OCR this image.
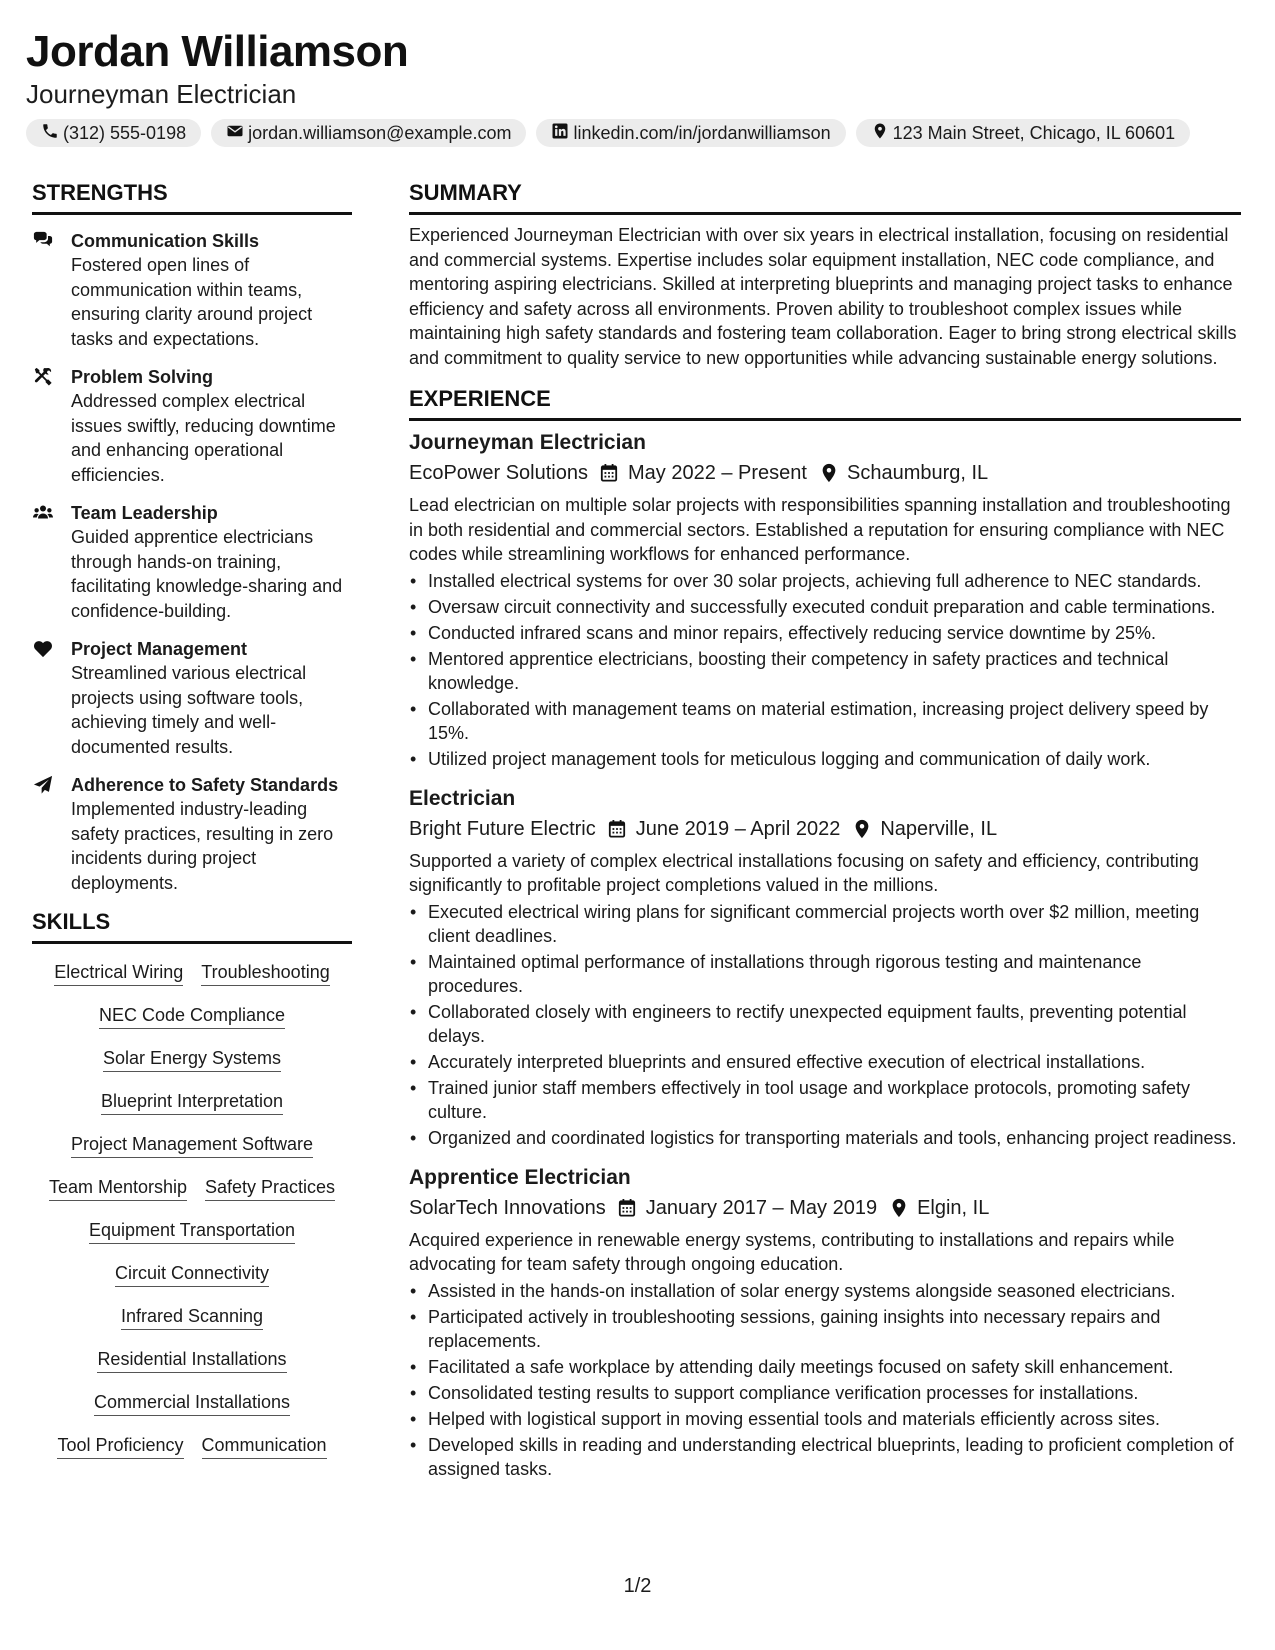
Jordan Williamson
Journeyman Electrician
(312) 555-0198	jordan.williamson@example.com	linkedin.com/in/jordanwilliamson	123 Main Street, Chicago, IL 60601
STRENGTHS
Communication Skills
Fostered open lines of communication within teams, ensuring clarity around project tasks and expectations.
Problem Solving
Addressed complex electrical issues swiftly, reducing downtime and enhancing operational efficiencies.
Team Leadership
Guided apprentice electricians through hands-on training, facilitating knowledge-sharing and confidence-building.
Project Management
Streamlined various electrical projects using software tools, achieving timely and well-documented results.
Adherence to Safety Standards
Implemented industry-leading safety practices, resulting in zero incidents during project deployments.
SKILLS
Electrical Wiring Troubleshooting
NEC Code Compliance
Solar Energy Systems
Blueprint Interpretation
Project Management Software
Team Mentorship Safety Practices
Equipment Transportation
Circuit Connectivity
Infrared Scanning
Residential Installations
Commercial Installations
Tool Proficiency Communication
SUMMARY
Experienced Journeyman Electrician with over six years in electrical installation, focusing on residential and commercial systems. Expertise includes solar equipment installation, NEC code compliance, and mentoring aspiring electricians. Skilled at interpreting blueprints and managing project tasks to enhance efficiency and safety across all environments. Proven ability to troubleshoot complex issues while maintaining high safety standards and fostering team collaboration. Eager to bring strong electrical skills and commitment to quality service to new opportunities while advancing sustainable energy solutions.
EXPERIENCE
Journeyman Electrician
EcoPower Solutions May 2022 – Present Schaumburg, IL
Lead electrician on multiple solar projects with responsibilities spanning installation and troubleshooting in both residential and commercial sectors. Established a reputation for ensuring compliance with NEC codes while streamlining workflows for enhanced performance.
• Installed electrical systems for over 30 solar projects, achieving full adherence to NEC standards.
• Oversaw circuit connectivity and successfully executed conduit preparation and cable terminations.
• Conducted infrared scans and minor repairs, effectively reducing service downtime by 25%.
• Mentored apprentice electricians, boosting their competency in safety practices and technical knowledge.
• Collaborated with management teams on material estimation, increasing project delivery speed by 15%.
• Utilized project management tools for meticulous logging and communication of daily work.
Electrician
Bright Future Electric June 2019 – April 2022 Naperville, IL
Supported a variety of complex electrical installations focusing on safety and efficiency, contributing significantly to profitable project completions valued in the millions.
• Executed electrical wiring plans for significant commercial projects worth over $2 million, meeting client deadlines.
• Maintained optimal performance of installations through rigorous testing and maintenance procedures.
• Collaborated closely with engineers to rectify unexpected equipment faults, preventing potential delays.
• Accurately interpreted blueprints and ensured effective execution of electrical installations.
• Trained junior staff members effectively in tool usage and workplace protocols, promoting safety culture.
• Organized and coordinated logistics for transporting materials and tools, enhancing project readiness.
Apprentice Electrician
SolarTech Innovations January 2017 – May 2019 Elgin, IL
Acquired experience in renewable energy systems, contributing to installations and repairs while advocating for team safety through ongoing education.
• Assisted in the hands-on installation of solar energy systems alongside seasoned electricians.
• Participated actively in troubleshooting sessions, gaining insights into necessary repairs and replacements.
• Facilitated a safe workplace by attending daily meetings focused on safety skill enhancement.
• Consolidated testing results to support compliance verification processes for installations.
• Helped with logistical support in moving essential tools and materials efficiently across sites.
• Developed skills in reading and understanding electrical blueprints, leading to proficient completion of assigned tasks.
1/2
